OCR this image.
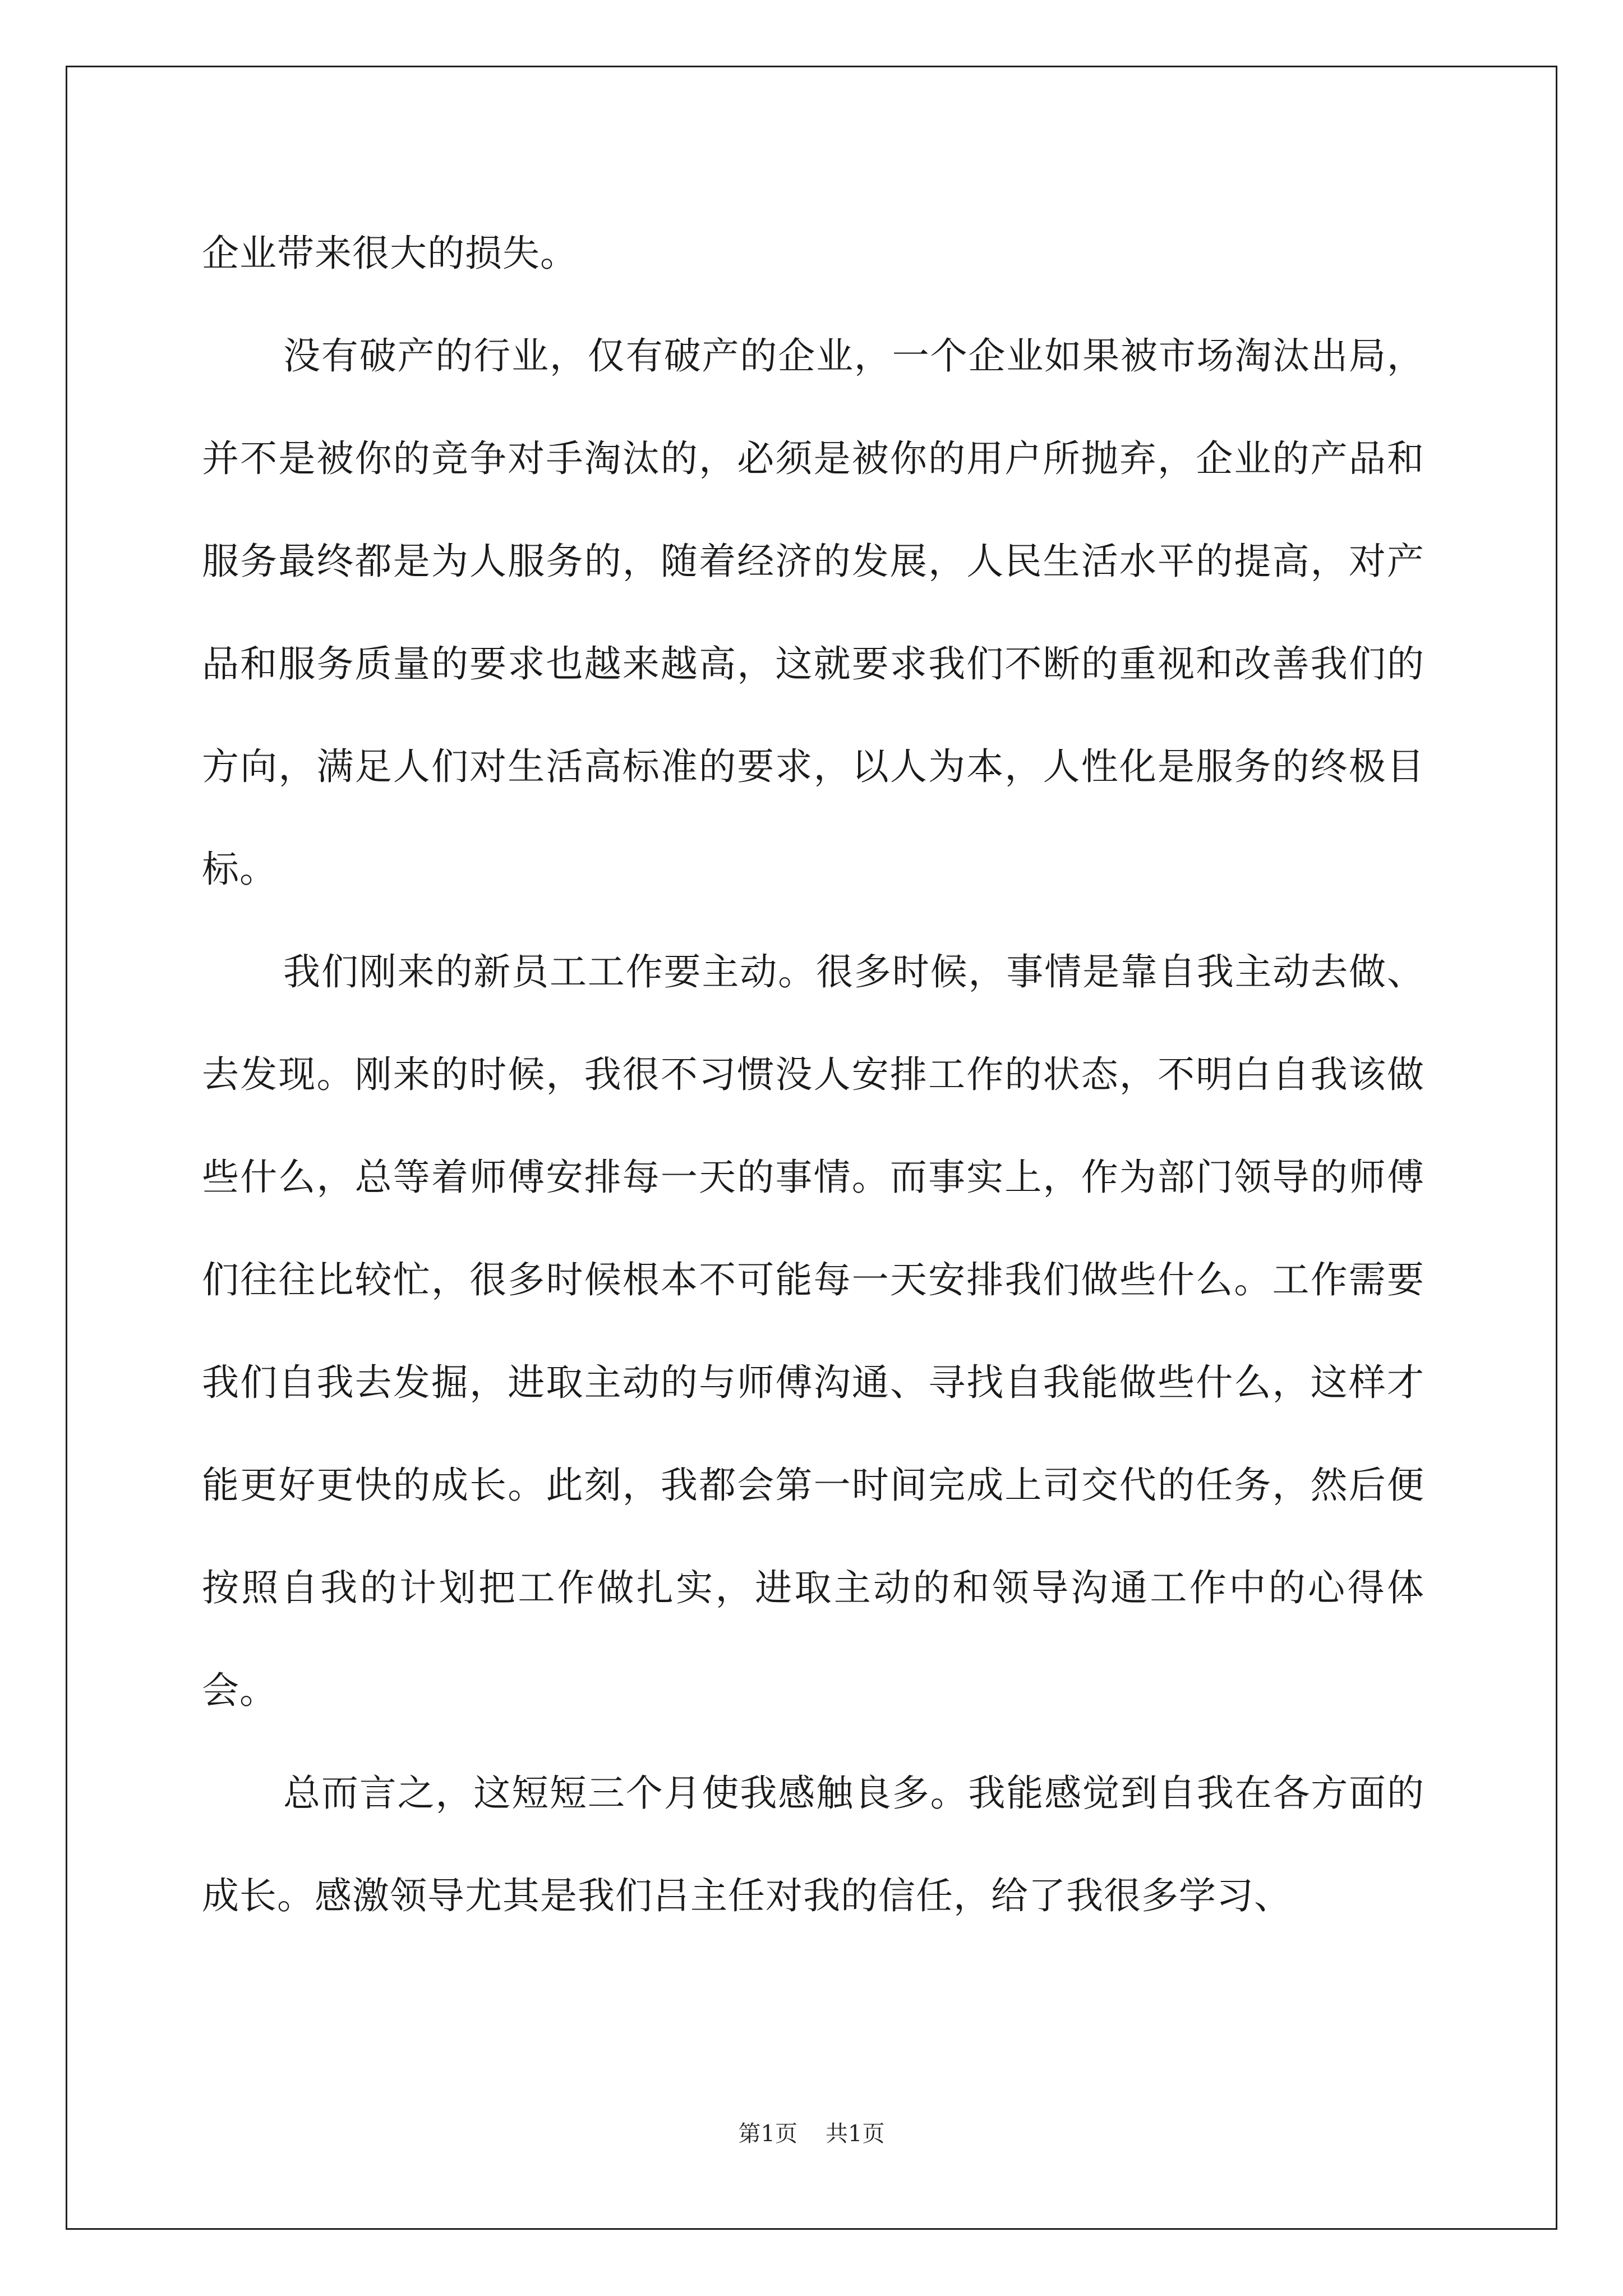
企业带来很大的损失。

没有破产的行业，仅有破产的企业，一个企业如果被市场淘汰出局，并不是被你的竞争对手淘汰的，必须是被你的用户所抛弃，企业的产品和服务最终都是为人服务的，随着经济的发展，人民生活水平的提高，对产品和服务质量的要求也越来越高，这就要求我们不断的重视和改善我们的方向，满足人们对生活高标准的要求，以人为本，人性化是服务的终极目标。

我们刚来的新员工工作要主动。很多时候，事情是靠自我主动去做、去发现。刚来的时候，我很不习惯没人安排工作的状态，不明白自我该做些什么，总等着师傅安排每一天的事情。而事实上，作为部门领导的师傅们往往比较忙，很多时候根本不可能每一天安排我们做些什么。工作需要我们自我去发掘，进取主动的与师傅沟通、寻找自我能做些什么，这样才能更好更快的成长。此刻，我都会第一时间完成上司交代的任务，然后便按照自我的计划把工作做扎实，进取主动的和领导沟通工作中的心得体会。

总而言之，这短短三个月使我感触良多。我能感觉到自我在各方面的成长。感激领导尤其是我们吕主任对我的信任，给了我很多学习、

第1页 共1页
